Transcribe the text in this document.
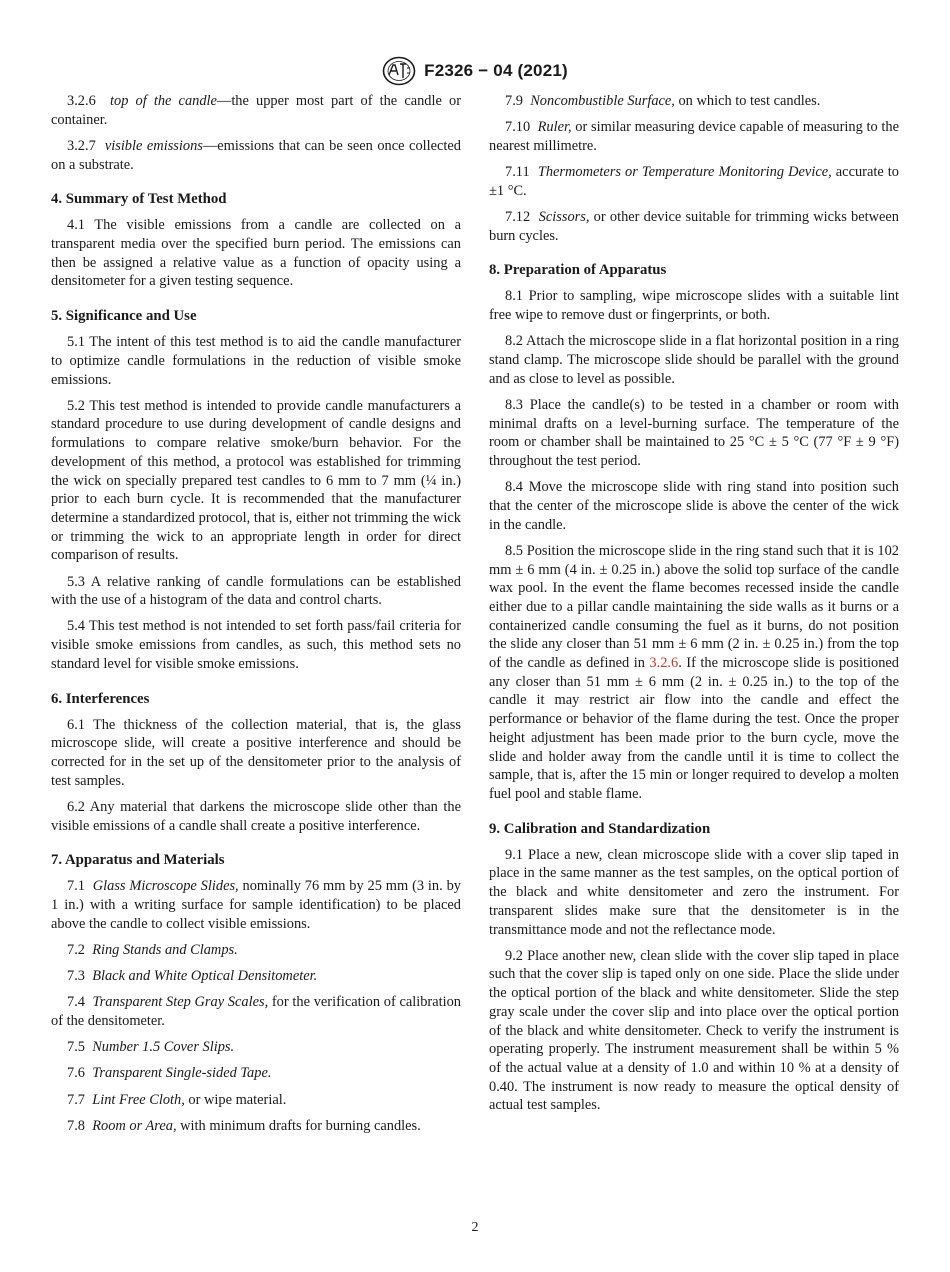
F2326 − 04 (2021)

3.2.6 top of the candle—the upper most part of the candle or container.

3.2.7 visible emissions—emissions that can be seen once collected on a substrate.

4. Summary of Test Method

4.1 The visible emissions from a candle are collected on a transparent media over the specified burn period. The emissions can then be assigned a relative value as a function of opacity using a densitometer for a given testing sequence.

5. Significance and Use

5.1 The intent of this test method is to aid the candle manufacturer to optimize candle formulations in the reduction of visible smoke emissions.

5.2 This test method is intended to provide candle manufacturers a standard procedure to use during development of candle designs and formulations to compare relative smoke/burn behavior. For the development of this method, a protocol was established for trimming the wick on specially prepared test candles to 6 mm to 7 mm (¼ in.) prior to each burn cycle. It is recommended that the manufacturer determine a standardized protocol, that is, either not trimming the wick or trimming the wick to an appropriate length in order for direct comparison of results.

5.3 A relative ranking of candle formulations can be established with the use of a histogram of the data and control charts.

5.4 This test method is not intended to set forth pass/fail criteria for visible smoke emissions from candles, as such, this method sets no standard level for visible smoke emissions.

6. Interferences

6.1 The thickness of the collection material, that is, the glass microscope slide, will create a positive interference and should be corrected for in the set up of the densitometer prior to the analysis of test samples.

6.2 Any material that darkens the microscope slide other than the visible emissions of a candle shall create a positive interference.

7. Apparatus and Materials

7.1 Glass Microscope Slides, nominally 76 mm by 25 mm (3 in. by 1 in.) with a writing surface for sample identification) to be placed above the candle to collect visible emissions.

7.2 Ring Stands and Clamps.

7.3 Black and White Optical Densitometer.

7.4 Transparent Step Gray Scales, for the verification of calibration of the densitometer.

7.5 Number 1.5 Cover Slips.

7.6 Transparent Single-sided Tape.

7.7 Lint Free Cloth, or wipe material.

7.8 Room or Area, with minimum drafts for burning candles.

7.9 Noncombustible Surface, on which to test candles.

7.10 Ruler, or similar measuring device capable of measuring to the nearest millimetre.

7.11 Thermometers or Temperature Monitoring Device, accurate to ±1 °C.

7.12 Scissors, or other device suitable for trimming wicks between burn cycles.

8. Preparation of Apparatus

8.1 Prior to sampling, wipe microscope slides with a suitable lint free wipe to remove dust or fingerprints, or both.

8.2 Attach the microscope slide in a flat horizontal position in a ring stand clamp. The microscope slide should be parallel with the ground and as close to level as possible.

8.3 Place the candle(s) to be tested in a chamber or room with minimal drafts on a level-burning surface. The temperature of the room or chamber shall be maintained to 25 °C ± 5 °C (77 °F ± 9 °F) throughout the test period.

8.4 Move the microscope slide with ring stand into position such that the center of the microscope slide is above the center of the wick in the candle.

8.5 Position the microscope slide in the ring stand such that it is 102 mm ± 6 mm (4 in. ± 0.25 in.) above the solid top surface of the candle wax pool. In the event the flame becomes recessed inside the candle either due to a pillar candle maintaining the side walls as it burns or a containerized candle consuming the fuel as it burns, do not position the slide any closer than 51 mm ± 6 mm (2 in. ± 0.25 in.) from the top of the candle as defined in 3.2.6. If the microscope slide is positioned any closer than 51 mm ± 6 mm (2 in. ± 0.25 in.) to the top of the candle it may restrict air flow into the candle and effect the performance or behavior of the flame during the test. Once the proper height adjustment has been made prior to the burn cycle, move the slide and holder away from the candle until it is time to collect the sample, that is, after the 15 min or longer required to develop a molten fuel pool and stable flame.

9. Calibration and Standardization

9.1 Place a new, clean microscope slide with a cover slip taped in place in the same manner as the test samples, on the optical portion of the black and white densitometer and zero the instrument. For transparent slides make sure that the densitometer is in the transmittance mode and not the reflectance mode.

9.2 Place another new, clean slide with the cover slip taped in place such that the cover slip is taped only on one side. Place the slide under the optical portion of the black and white densitometer. Slide the step gray scale under the cover slip and into place over the optical portion of the black and white densitometer. Check to verify the instrument is operating properly. The instrument measurement shall be within 5 % of the actual value at a density of 1.0 and within 10 % at a density of 0.40. The instrument is now ready to measure the optical density of actual test samples.

2
